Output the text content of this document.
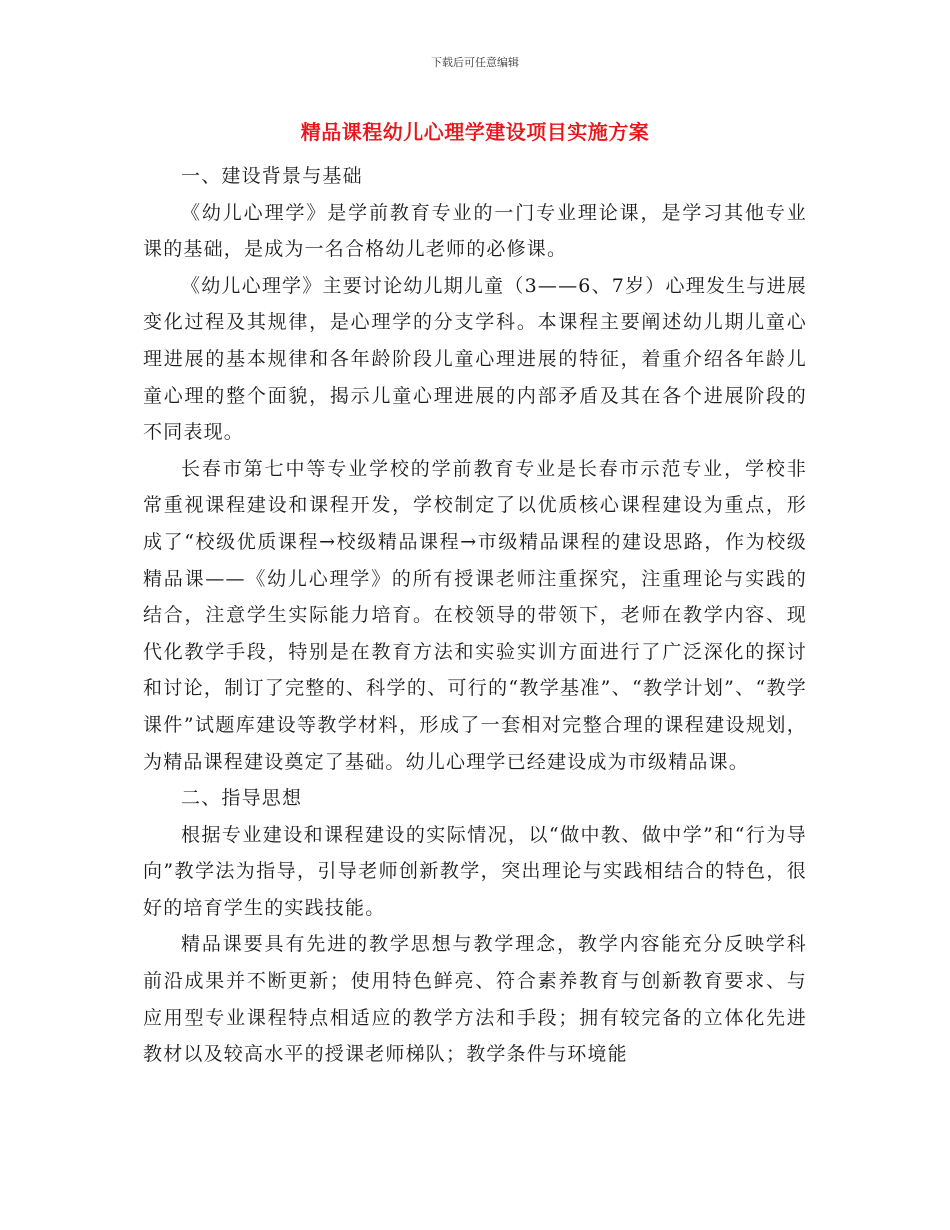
下载后可任意编辑
精品课程幼儿心理学建设项目实施方案

一、建设背景与基础

《幼儿心理学》是学前教育专业的一门专业理论课，是学习其他专业课的基础，是成为一名合格幼儿老师的必修课。

《幼儿心理学》主要讨论幼儿期儿童（3——6、7岁）心理发生与进展变化过程及其规律，是心理学的分支学科。本课程主要阐述幼儿期儿童心理进展的基本规律和各年龄阶段儿童心理进展的特征，着重介绍各年龄儿童心理的整个面貌，揭示儿童心理进展的内部矛盾及其在各个进展阶段的不同表现。

长春市第七中等专业学校的学前教育专业是长春市示范专业，学校非常重视课程建设和课程开发，学校制定了以优质核心课程建设为重点，形成了“校级优质课程→校级精品课程→市级精品课程的建设思路，作为校级精品课——《幼儿心理学》的所有授课老师注重探究，注重理论与实践的结合，注意学生实际能力培育。在校领导的带领下，老师在教学内容、现代化教学手段，特别是在教育方法和实验实训方面进行了广泛深化的探讨和讨论，制订了完整的、科学的、可行的“教学基准”、“教学计划”、“教学课件”试题库建设等教学材料，形成了一套相对完整合理的课程建设规划，为精品课程建设奠定了基础。幼儿心理学已经建设成为市级精品课。

二、指导思想

根据专业建设和课程建设的实际情况，以“做中教、做中学”和“行为导向”教学法为指导，引导老师创新教学，突出理论与实践相结合的特色，很好的培育学生的实践技能。

精品课要具有先进的教学思想与教学理念，教学内容能充分反映学科前沿成果并不断更新；使用特色鲜亮、符合素养教育与创新教育要求、与应用型专业课程特点相适应的教学方法和手段；拥有较完备的立体化先进教材以及较高水平的授课老师梯队；教学条件与环境能
